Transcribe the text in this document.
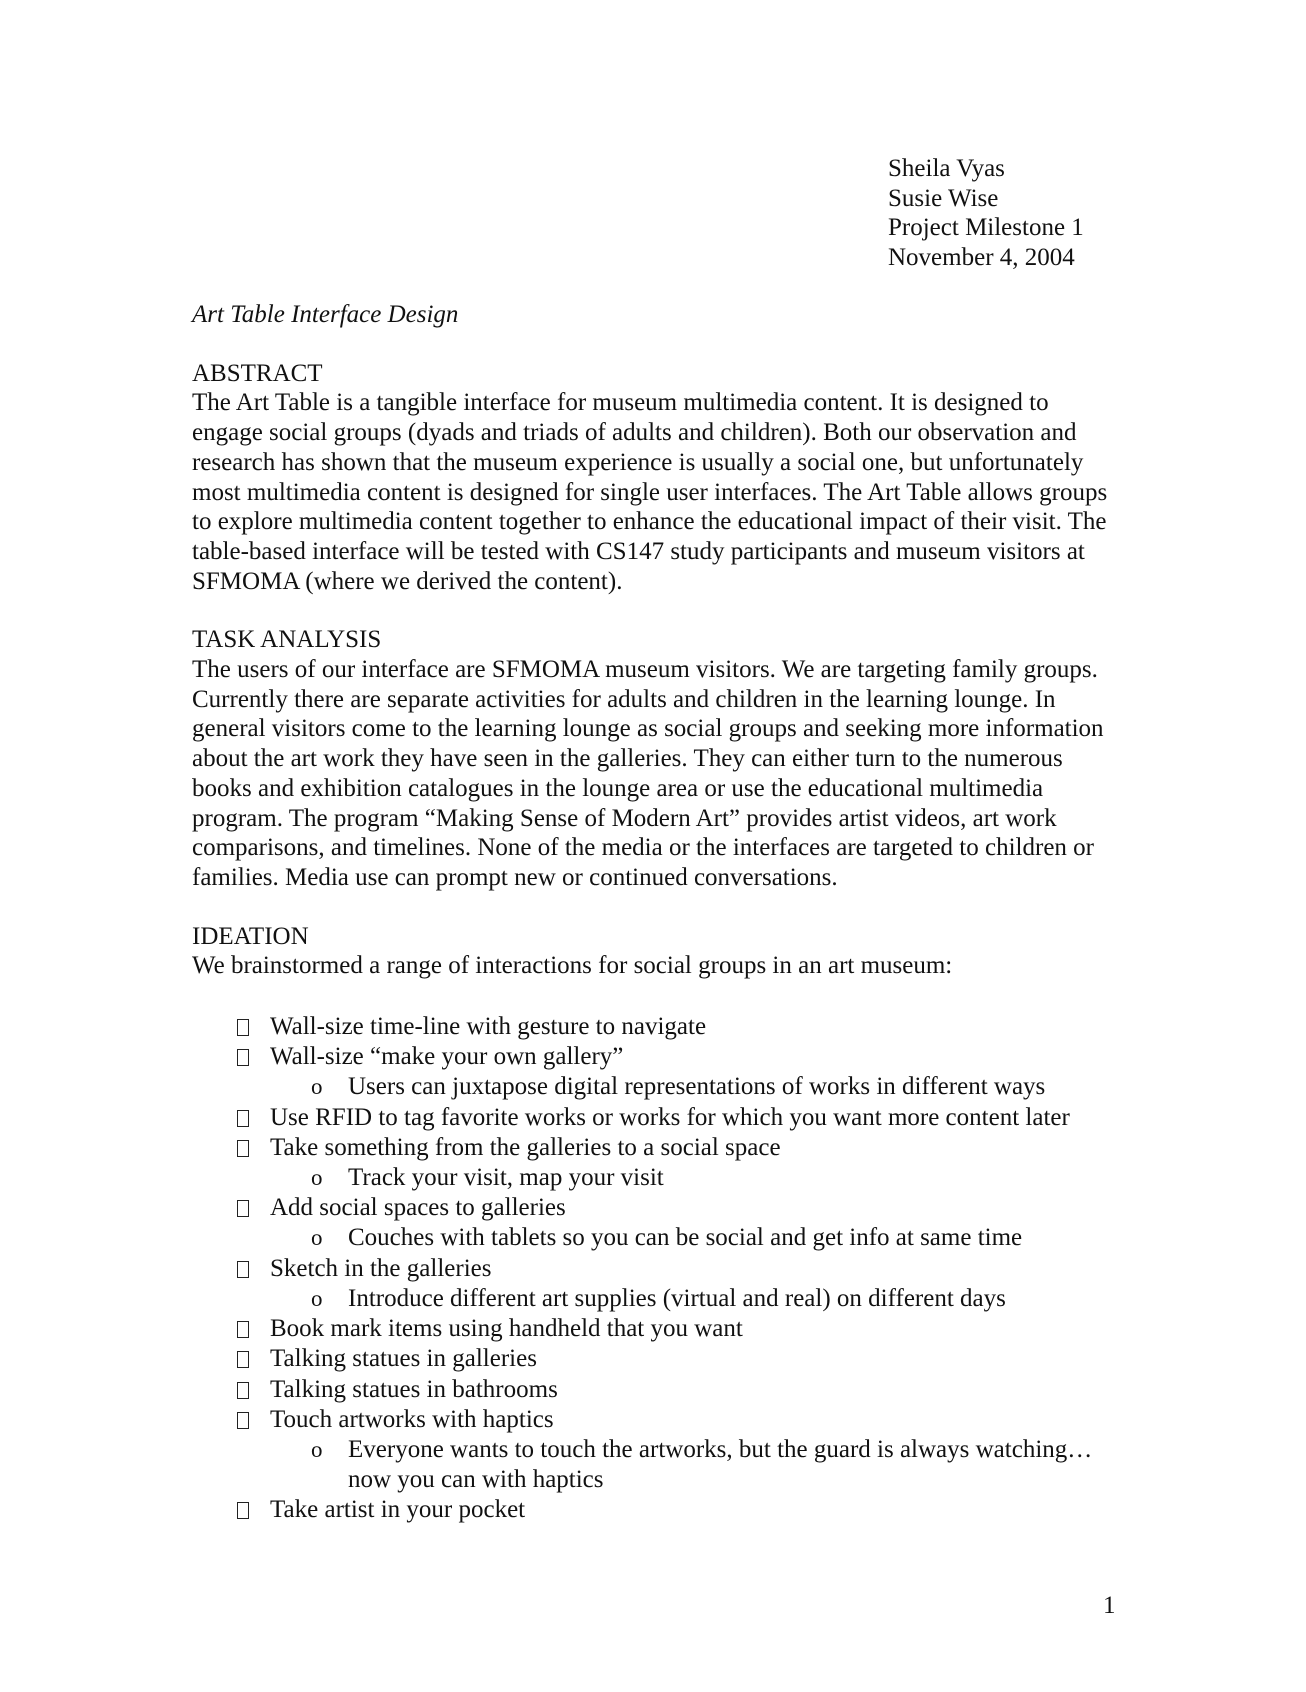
Sheila Vyas
Susie Wise
Project Milestone 1
November 4, 2004
Art Table Interface Design
ABSTRACT

The Art Table is a tangible interface for museum multimedia content. It is designed to engage social groups (dyads and triads of adults and children). Both our observation and research has shown that the museum experience is usually a social one, but unfortunately most multimedia content is designed for single user interfaces. The Art Table allows groups to explore multimedia content together to enhance the educational impact of their visit. The table-based interface will be tested with CS147 study participants and museum visitors at SFMOMA (where we derived the content).

TASK ANALYSIS

The users of our interface are SFMOMA museum visitors. We are targeting family groups. Currently there are separate activities for adults and children in the learning lounge. In general visitors come to the learning lounge as social groups and seeking more information about the art work they have seen in the galleries. They can either turn to the numerous books and exhibition catalogues in the lounge area or use the educational multimedia program. The program “Making Sense of Modern Art” provides artist videos, art work comparisons, and timelines. None of the media or the interfaces are targeted to children or families. Media use can prompt new or continued conversations.

IDEATION
We brainstormed a range of interactions for social groups in an art museum:
Wall-size time-line with gesture to navigate
Wall-size “make your own gallery”
o Users can juxtapose digital representations of works in different ways
Use RFID to tag favorite works or works for which you want more content later
Take something from the galleries to a social space
o Track your visit, map your visit
Add social spaces to galleries
o Couches with tablets so you can be social and get info at same time
Sketch in the galleries
o Introduce different art supplies (virtual and real) on different days
Book mark items using handheld that you want
Talking statues in galleries
Talking statues in bathrooms
Touch artworks with haptics
o Everyone wants to touch the artworks, but the guard is always watching… now you can with haptics
Take artist in your pocket
1
